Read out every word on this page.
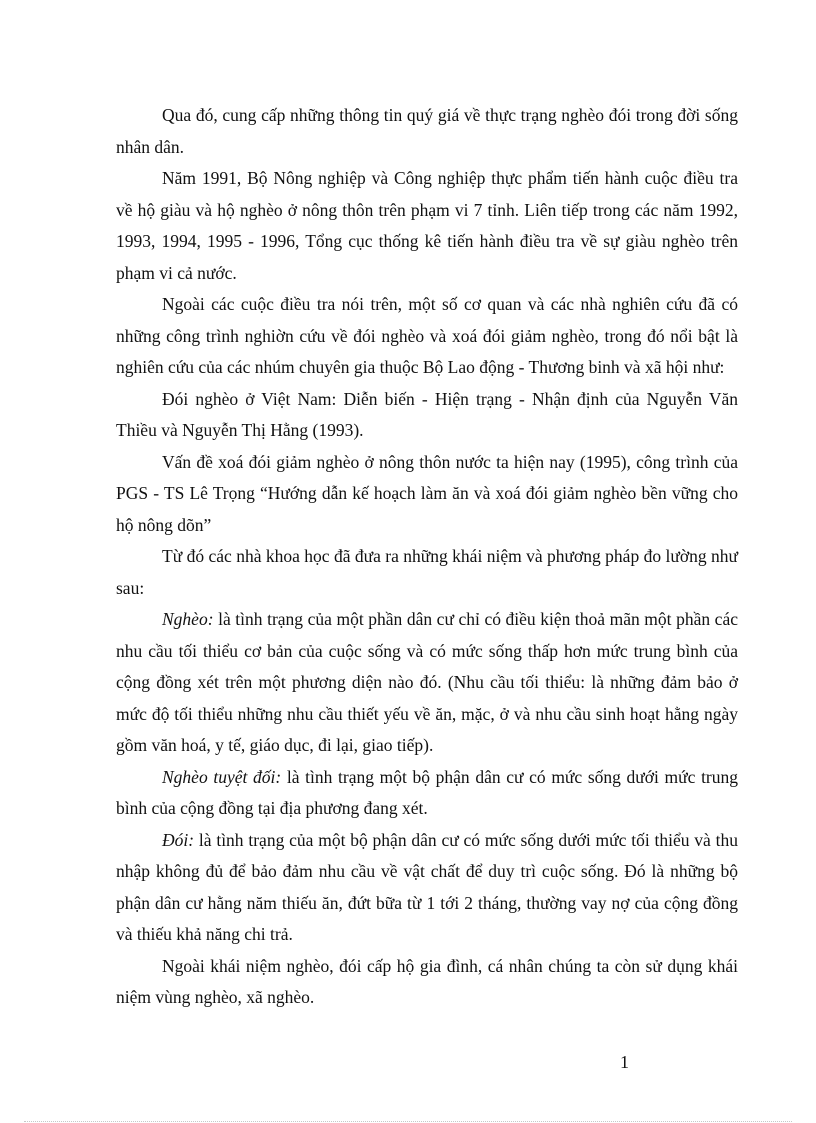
Qua đó, cung cấp những thông tin quý giá về thực trạng nghèo đói trong đời sống nhân dân.

Năm 1991, Bộ Nông nghiệp và Công nghiệp thực phẩm tiến hành cuộc điều tra về hộ giàu và hộ nghèo ở nông thôn trên phạm vi 7 tỉnh. Liên tiếp trong các năm 1992, 1993, 1994, 1995 - 1996, Tổng cục thống kê tiến hành điều tra về sự giàu nghèo trên phạm vi cả nước.

Ngoài các cuộc điều tra nói trên, một số cơ quan và các nhà nghiên cứu đã có những công trình nghiờn cứu về đói nghèo và xoá đói giảm nghèo, trong đó nổi bật là nghiên cứu của các nhúm chuyên gia thuộc Bộ Lao động - Thương binh và xã hội như:

Đói nghèo ở Việt Nam: Diễn biến - Hiện trạng - Nhận định của Nguyễn Văn Thiều và Nguyễn Thị Hằng (1993).

Vấn đề xoá đói giảm nghèo ở nông thôn nước ta hiện nay (1995), công trình của PGS - TS Lê Trọng “Hướng dẫn kế hoạch làm ăn và xoá đói giảm nghèo bền vững cho hộ nông dõn”

Từ đó các nhà khoa học đã đưa ra những khái niệm và phương pháp đo lường như sau:

Nghèo: là tình trạng của một phần dân cư chỉ có điều kiện thoả mãn một phần các nhu cầu tối thiểu cơ bản của cuộc sống và có mức sống thấp hơn mức trung bình của cộng đồng xét trên một phương diện nào đó. (Nhu cầu tối thiểu: là những đảm bảo ở mức độ tối thiểu những nhu cầu thiết yếu về ăn, mặc, ở và nhu cầu sinh hoạt hằng ngày gồm văn hoá, y tế, giáo dục, đi lại, giao tiếp).

Nghèo tuyệt đối: là tình trạng một bộ phận dân cư có mức sống dưới mức trung bình của cộng đồng tại địa phương đang xét.

Đói: là tình trạng của một bộ phận dân cư có mức sống dưới mức tối thiểu và thu nhập không đủ để bảo đảm nhu cầu về vật chất để duy trì cuộc sống. Đó là những bộ phận dân cư hằng năm thiếu ăn, đứt bữa từ 1 tới 2 tháng, thường vay nợ của cộng đồng và thiếu khả năng chi trả.

Ngoài khái niệm nghèo, đói cấp hộ gia đình, cá nhân chúng ta còn sử dụng khái niệm vùng nghèo, xã nghèo.

1
